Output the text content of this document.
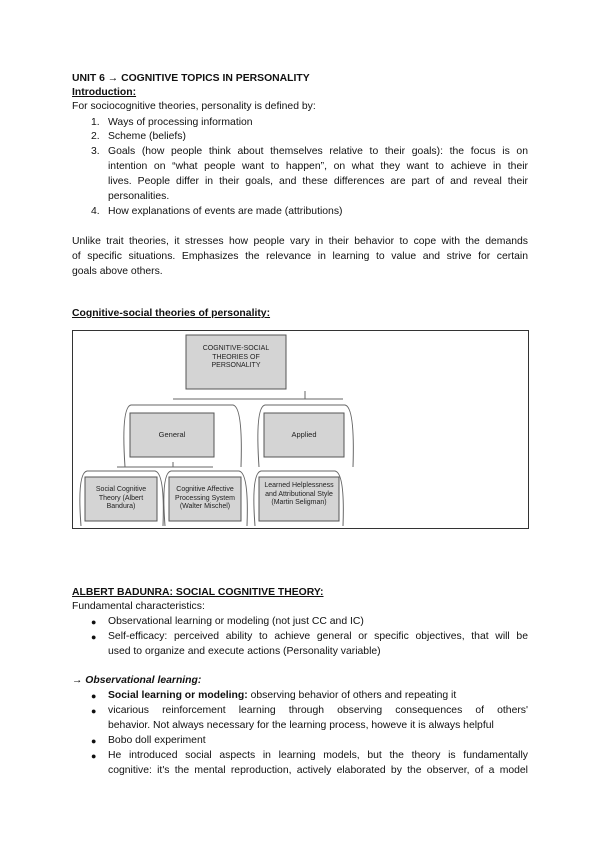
UNIT 6 → COGNITIVE TOPICS IN PERSONALITY
Introduction:
For sociocognitive theories, personality is defined by:
1. Ways of processing information
2. Scheme (beliefs)
3. Goals (how people think about themselves relative to their goals): the focus is on
intention on “what people want to happen”, on what they want to achieve in their
lives. People differ in their goals, and these differences are part of and reveal their
personalities.
4. How explanations of events are made (attributions)
Unlike trait theories, it stresses how people vary in their behavior to cope with the demands
of specific situations. Emphasizes the relevance in learning to value and strive for certain
goals above others.
Cognitive-social theories of personality:
COGNITIVE-SOCIAL THEORIES OF PERSONALITY
General	Applied
Social Cognitive Theory (Albert Bandura)
Cognitive Affective Processing System (Walter Mischel)
Learned Helplessness and Attributional Style (Martin Seligman)
ALBERT BADUNRA: SOCIAL COGNITIVE THEORY:
Fundamental characteristics:
● Observational learning or modeling (not just CC and IC)
● Self-efficacy: perceived ability to achieve general or specific objectives, that will be
used to organize and execute actions (Personality variable)
→ Observational learning:
● Social learning or modeling: observing behavior of others and repeating it
● vicarious reinforcement learning through observing consequences of others'
behavior. Not always necessary for the learning process, howeve it is always helpful
● Bobo doll experiment
● He introduced social aspects in learning models, but the theory is fundamentally
cognitive: it's the mental reproduction, actively elaborated by the observer, of a model
